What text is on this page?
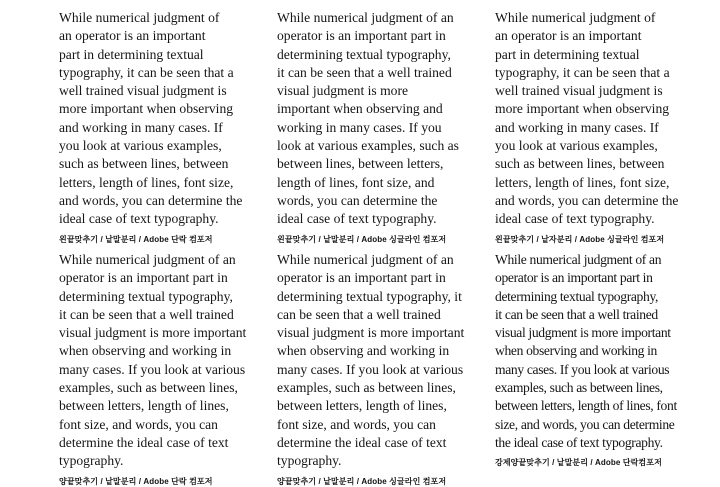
While numerical judgment of
an operator is an important
part in determining textual
typography, it can be seen that a
well trained visual judgment is
more important when observing
and working in many cases. If
you look at various examples,
such as between lines, between
letters, length of lines, font size,
and words, you can determine the
ideal case of text typography.
왼끝맞추기 / 낱말분리 / Adobe 단락 컴포저
While numerical judgment of an
operator is an important part in
determining textual typography,
it can be seen that a well trained
visual judgment is more
important when observing and
working in many cases. If you
look at various examples, such as
between lines, between letters,
length of lines, font size, and
words, you can determine the
ideal case of text typography.
왼끝맞추기 / 낱말분리 / Adobe 싱글라인 컴포저
While numerical judgment of
an operator is an important
part in determining textual
typography, it can be seen that a
well trained visual judgment is
more important when observing
and working in many cases. If
you look at various examples,
such as between lines, between
letters, length of lines, font size,
and words, you can determine the
ideal case of text typography.
왼끝맞추기 / 낱자분리 / Adobe 싱글라인 컴포저
While numerical judgment of an
operator is an important part in
determining textual typography,
it can be seen that a well trained
visual judgment is more important
when observing and working in
many cases. If you look at various
examples, such as between lines,
between letters, length of lines,
font size, and words, you can
determine the ideal case of text
typography.
양끝맞추기 / 낱말분리 / Adobe 단락 컴포저
While numerical judgment of an
operator is an important part in
determining textual typography, it
can be seen that a well trained
visual judgment is more important
when observing and working in
many cases. If you look at various
examples, such as between lines,
between letters, length of lines,
font size, and words, you can
determine the ideal case of text
typography.
양끝맞추기 / 낱말분리 / Adobe 싱글라인 컴포저
While numerical judgment of an
operator is an important part in
determining textual typography,
it can be seen that a well trained
visual judgment is more important
when observing and working in
many cases. If you look at various
examples, such as between lines,
between letters, length of lines, font
size, and words, you can determine
the ideal case of text typography.
강제양끝맞추기 / 낱말분리 / Adobe 단락컴포저
